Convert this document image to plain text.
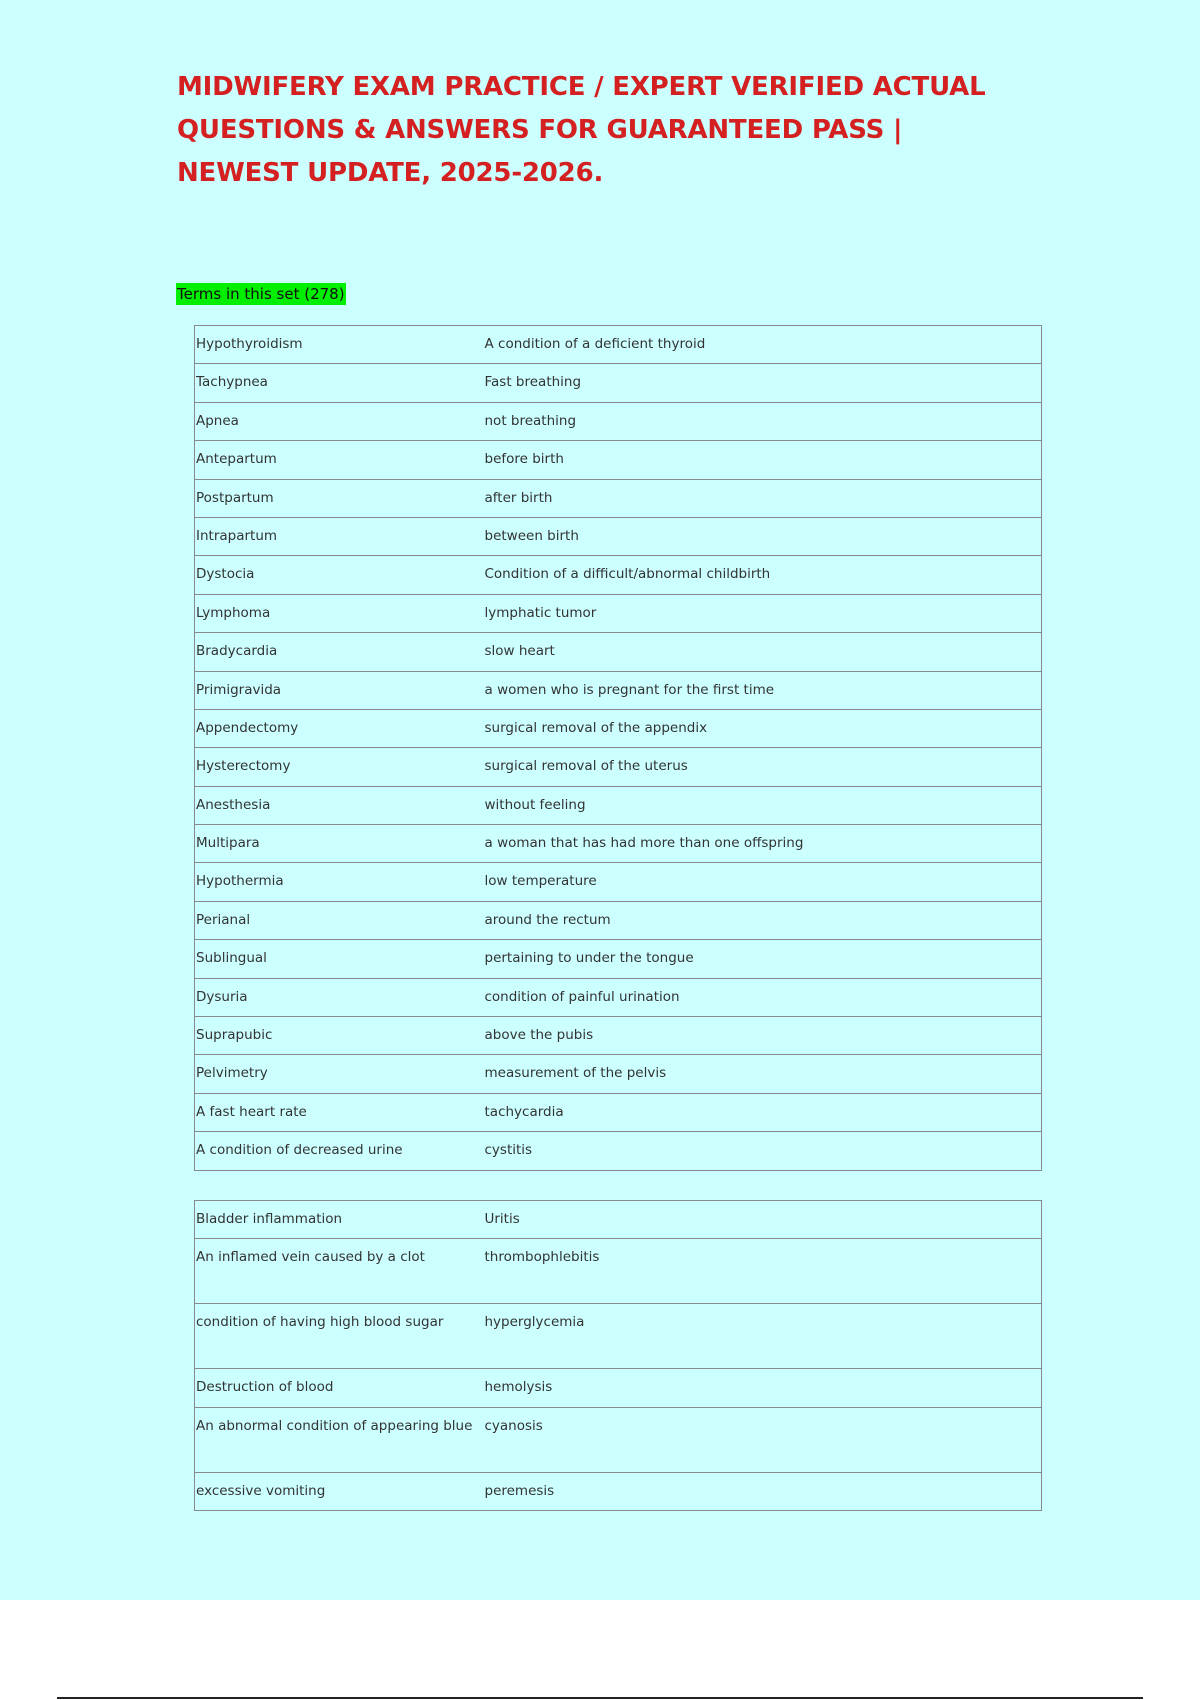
MIDWIFERY EXAM PRACTICE / EXPERT VERIFIED ACTUAL QUESTIONS & ANSWERS FOR GUARANTEED PASS | NEWEST UPDATE, 2025-2026.
Terms in this set (278)
Hypothyroidism	A condition of a deficient thyroid
Tachypnea	Fast breathing
Apnea	not breathing
Antepartum	before birth
Postpartum	after birth
Intrapartum	between birth
Dystocia	Condition of a difficult/abnormal childbirth
Lymphoma	lymphatic tumor
Bradycardia	slow heart
Primigravida	a women who is pregnant for the first time
Appendectomy	surgical removal of the appendix
Hysterectomy	surgical removal of the uterus
Anesthesia	without feeling
Multipara	a woman that has had more than one offspring
Hypothermia	low temperature
Perianal	around the rectum
Sublingual	pertaining to under the tongue
Dysuria	condition of painful urination
Suprapubic	above the pubis
Pelvimetry	measurement of the pelvis
A fast heart rate	tachycardia
A condition of decreased urine	cystitis
Bladder inflammation	Uritis
An inflamed vein caused by a clot	thrombophlebitis
condition of having high blood sugar	hyperglycemia
Destruction of blood	hemolysis
An abnormal condition of appearing blue	cyanosis
excessive vomiting	peremesis
